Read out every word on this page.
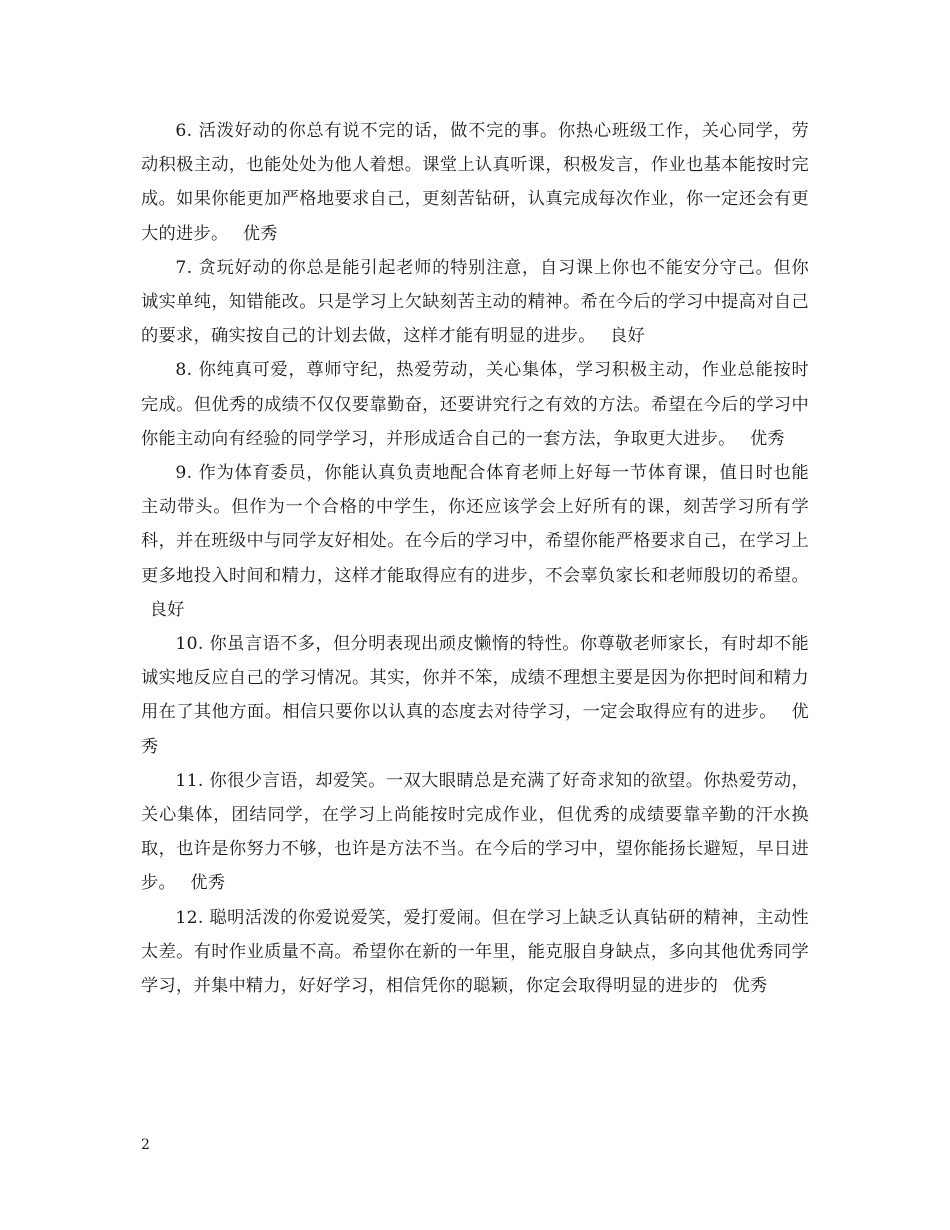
6. 活泼好动的你总有说不完的话，做不完的事。你热心班级工作，关心同学，劳动积极主动，也能处处为他人着想。课堂上认真听课，积极发言，作业也基本能按时完成。如果你能更加严格地要求自己，更刻苦钻研，认真完成每次作业，你一定还会有更大的进步。 优秀

7. 贪玩好动的你总是能引起老师的特别注意，自习课上你也不能安分守己。但你诚实单纯，知错能改。只是学习上欠缺刻苦主动的精神。希在今后的学习中提高对自己的要求，确实按自己的计划去做，这样才能有明显的进步。 良好

8. 你纯真可爱，尊师守纪，热爱劳动，关心集体，学习积极主动，作业总能按时完成。但优秀的成绩不仅仅要靠勤奋，还要讲究行之有效的方法。希望在今后的学习中你能主动向有经验的同学学习，并形成适合自己的一套方法，争取更大进步。 优秀

9. 作为体育委员，你能认真负责地配合体育老师上好每一节体育课，值日时也能主动带头。但作为一个合格的中学生，你还应该学会上好所有的课，刻苦学习所有学科，并在班级中与同学友好相处。在今后的学习中，希望你能严格要求自己，在学习上更多地投入时间和精力，这样才能取得应有的进步，不会辜负家长和老师殷切的希望。 良好

10. 你虽言语不多，但分明表现出顽皮懒惰的特性。你尊敬老师家长，有时却不能诚实地反应自己的学习情况。其实，你并不笨，成绩不理想主要是因为你把时间和精力用在了其他方面。相信只要你以认真的态度去对待学习，一定会取得应有的进步。 优秀

11. 你很少言语，却爱笑。一双大眼睛总是充满了好奇求知的欲望。你热爱劳动，关心集体，团结同学，在学习上尚能按时完成作业，但优秀的成绩要靠辛勤的汗水换取，也许是你努力不够，也许是方法不当。在今后的学习中，望你能扬长避短，早日进步。 优秀

12. 聪明活泼的你爱说爱笑，爱打爱闹。但在学习上缺乏认真钻研的精神，主动性太差。有时作业质量不高。希望你在新的一年里，能克服自身缺点，多向其他优秀同学学习，并集中精力，好好学习，相信凭你的聪颖，你定会取得明显的进步的 优秀

2
